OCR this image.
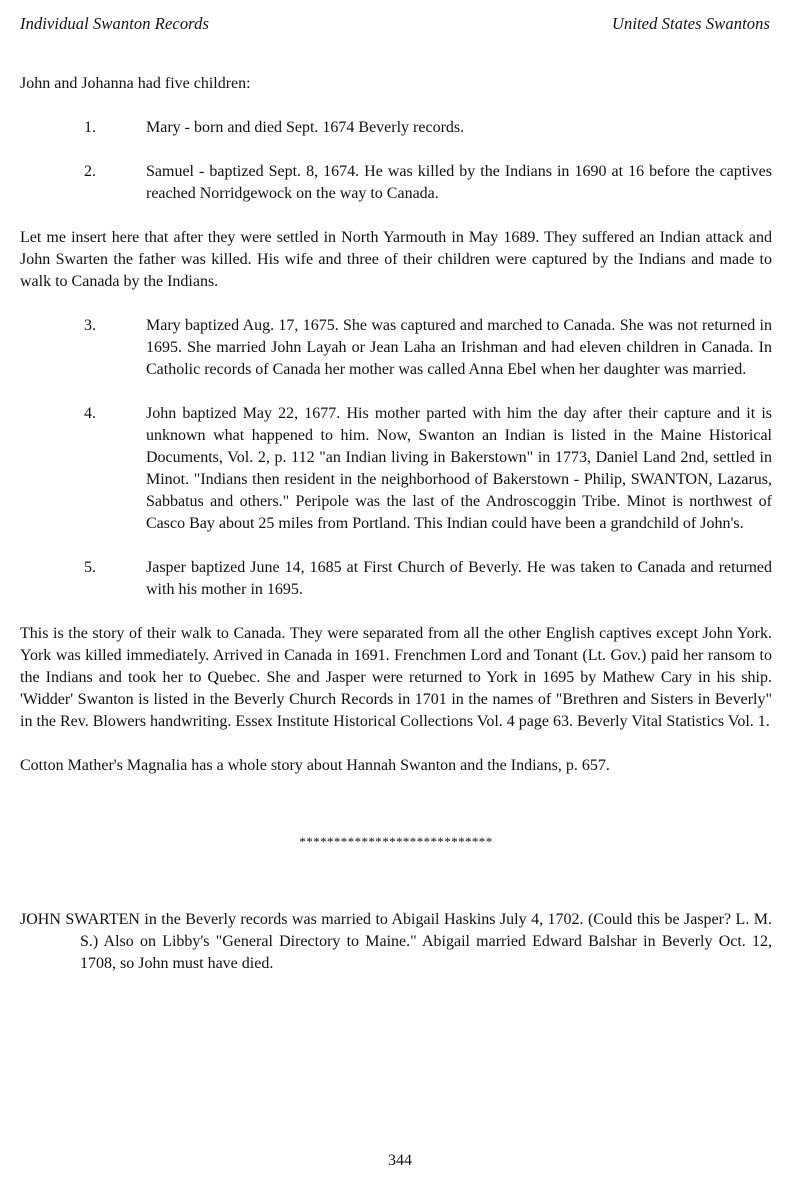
Individual Swanton Records	United States Swantons

John and Johanna had five children:

1.	Mary - born and died Sept. 1674 Beverly records.
2.	Samuel - baptized Sept. 8, 1674. He was killed by the Indians in 1690 at 16 before the captives reached Norridgewock on the way to Canada.

Let me insert here that after they were settled in North Yarmouth in May 1689. They suffered an Indian attack and John Swarten the father was killed. His wife and three of their children were captured by the Indians and made to walk to Canada by the Indians.

3.	Mary baptized Aug. 17, 1675. She was captured and marched to Canada. She was not returned in 1695. She married John Layah or Jean Laha an Irishman and had eleven children in Canada. In Catholic records of Canada her mother was called Anna Ebel when her daughter was married.
4.	John baptized May 22, 1677. His mother parted with him the day after their capture and it is unknown what happened to him. Now, Swanton an Indian is listed in the Maine Historical Documents, Vol. 2, p. 112 "an Indian living in Bakerstown" in 1773, Daniel Land 2nd, settled in Minot. "Indians then resident in the neighborhood of Bakerstown - Philip, SWANTON, Lazarus, Sabbatus and others." Peripole was the last of the Androscoggin Tribe. Minot is northwest of Casco Bay about 25 miles from Portland. This Indian could have been a grandchild of John's.
5.	Jasper baptized June 14, 1685 at First Church of Beverly. He was taken to Canada and returned with his mother in 1695.

This is the story of their walk to Canada. They were separated from all the other English captives except John York. York was killed immediately. Arrived in Canada in 1691. Frenchmen Lord and Tonant (Lt. Gov.) paid her ransom to the Indians and took her to Quebec. She and Jasper were returned to York in 1695 by Mathew Cary in his ship. 'Widder' Swanton is listed in the Beverly Church Records in 1701 in the names of "Brethren and Sisters in Beverly" in the Rev. Blowers handwriting. Essex Institute Historical Collections Vol. 4 page 63. Beverly Vital Statistics Vol. 1.

Cotton Mather's Magnalia has a whole story about Hannah Swanton and the Indians, p. 657.

****************************

JOHN SWARTEN in the Beverly records was married to Abigail Haskins July 4, 1702. (Could this be Jasper? L. M. S.) Also on Libby's "General Directory to Maine." Abigail married Edward Balshar in Beverly Oct. 12, 1708, so John must have died.

344
